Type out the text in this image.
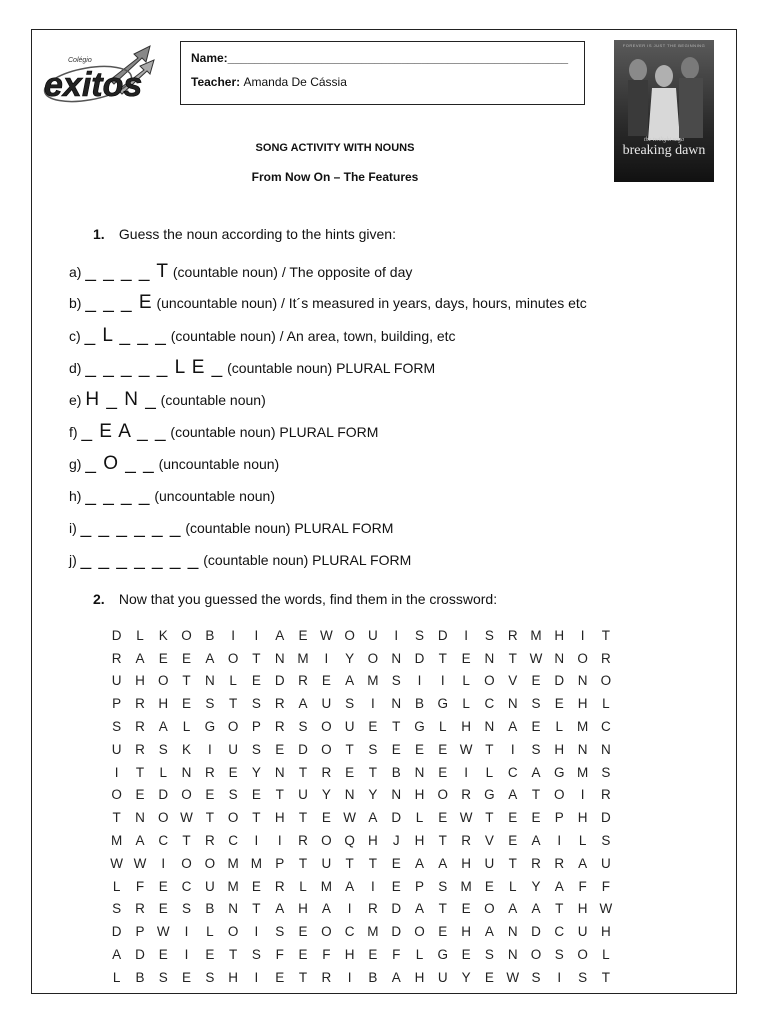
Colégio
exitos
Name:___________________________________________________
Teacher: Amanda De Cássia
FOREVER IS JUST THE BEGINNING
the twilight saga
breaking dawn
SONG ACTIVITY WITH NOUNS
From Now On – The Features
1. Guess the noun according to the hints given:
a) _ _ _ _ T (countable noun) / The opposite of day
b) _ _ _ E (uncountable noun) / It´s measured in years, days, hours, minutes etc
c) _ L _ _ _ (countable noun) / An area, town, building, etc
d) _ _ _ _ _ L E _ (countable noun) PLURAL FORM
e) H _ N _ (countable noun)
f) _ E A _ _ (countable noun) PLURAL FORM
g) _ O _ _ (uncountable noun)
h) _ _ _ _ (uncountable noun)
i) _ _ _ _ _ _ (countable noun) PLURAL FORM
j) _ _ _ _ _ _ _ (countable noun) PLURAL FORM
2. Now that you guessed the words, find them in the crossword:
D	L	K	O	B	I	I	A	E W O U	I	S	D	I	S	R M H	I	T
R	A	E	E	A	O	T	N M	I	Y	O N	D	T	E	N	T W N O R
U	H O	T	N	L	E	D	R	E	A M S	I	I	L	O	V	E	D	N O
P	R	H	E	S	T	S	R	A	U	S	I	N	B	G	L	C	N	S	E	H	L
S	R	A	L	G O	P	R	S	O U	E	T	G	L	H	N	A	E	L	M C
U	R	S	K	I	U	S	E	D O	T	S	E	E	E W T	I	S	H	N	N
I	T	L	N	R	E	Y	N	T	R	E	T	B	N	E	I	L	C	A	G M S
O	E	D O	E	S	E	T	U	Y	N	Y	N	H O R G	A	T	O	I	R
T	N O W T	O	T	H	T	E W A	D	L	E W T	E	E	P	H	D
M A	C	T	R	C	I	I	R O Q H	J	H	T	R	V	E	A	I	L	S
W W	I	O O M M P	T	U	T	T	E	A	A	H	U	T	R	R	A	U
L	F	E	C	U M E	R	L	M A	I	E	P	S M E	L	Y	A	F	F
S	R	E	S	B	N	T	A	H	A	I	R	D	A	T	E	O	A	A	T	H W
D	P W	I	L	O	I	S	E	O C M D O	E	H	A	N	D	C	U	H
A	D	E	I	E	T	S	F	E	F	H	E	F	L	G	E	S	N O	S	O	L
L	B	S	E	S	H	I	E	T	R	I	B	A	H	U	Y	E W S	I	S	T
